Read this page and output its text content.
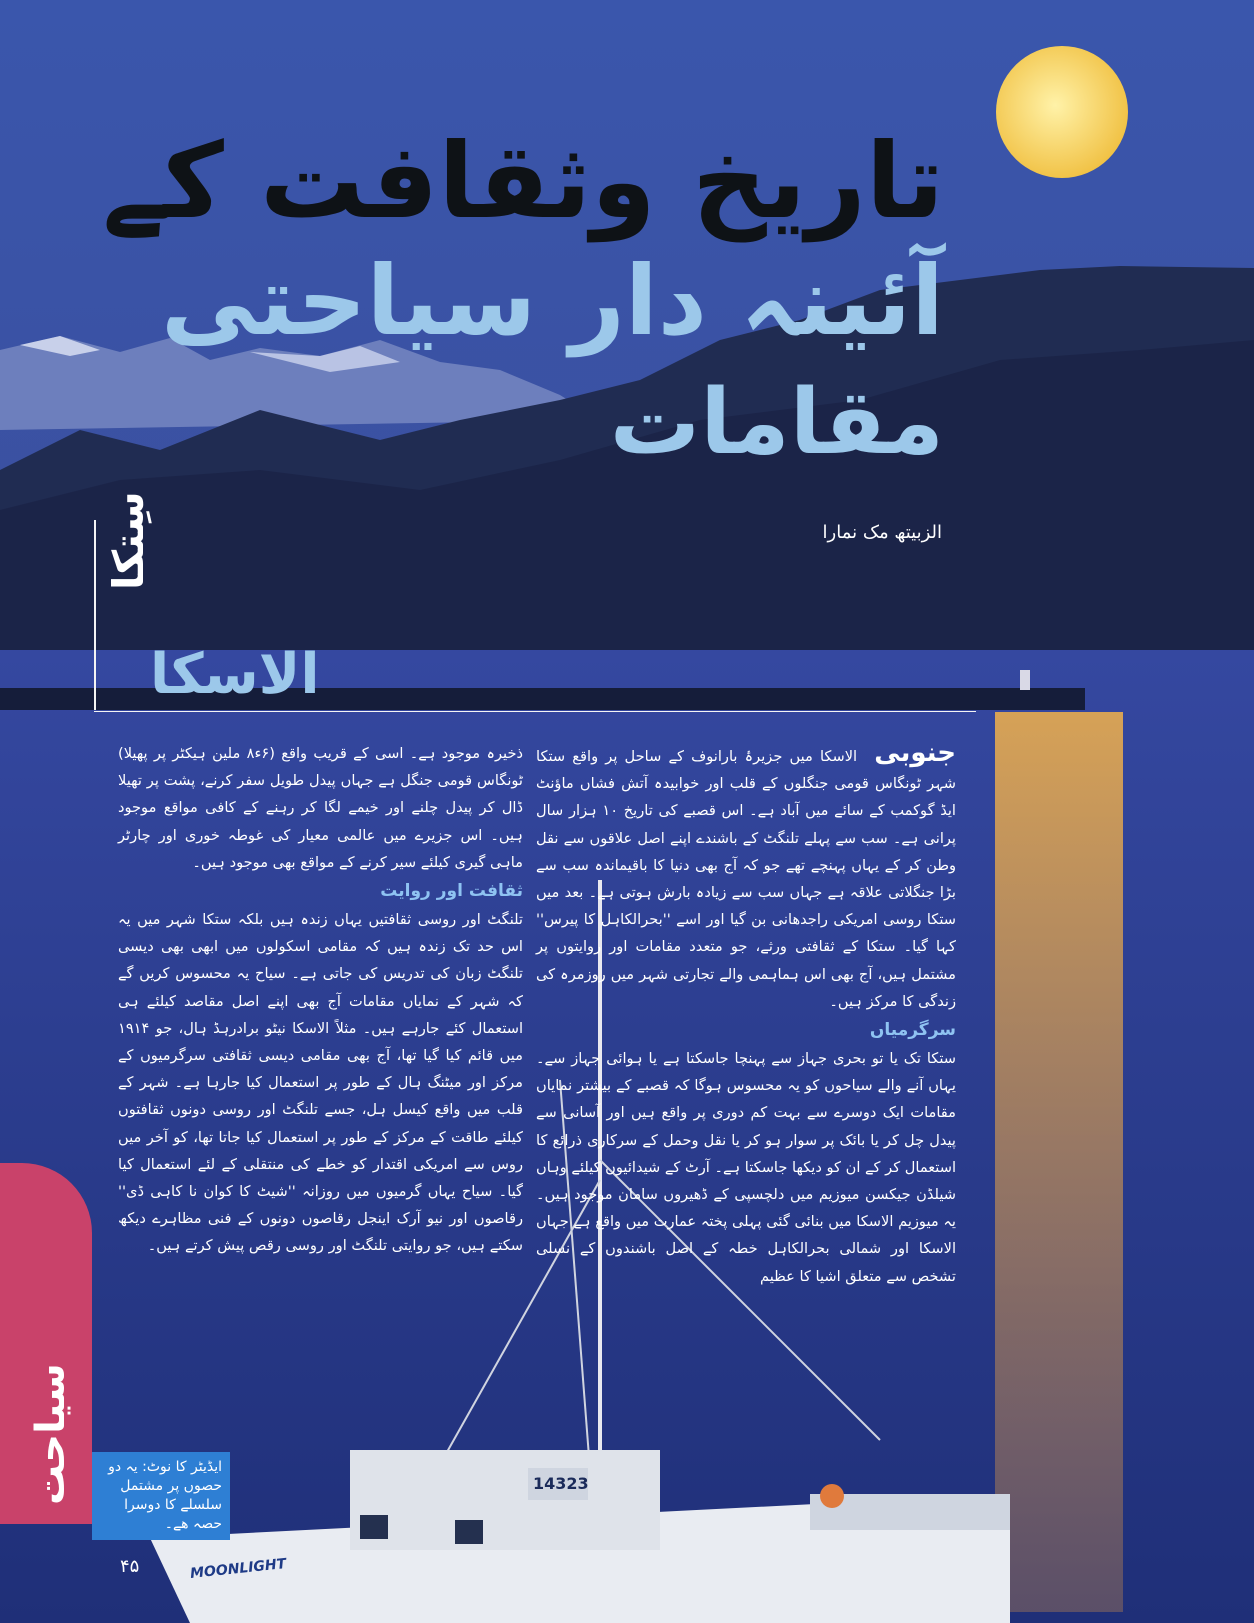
تاریخ وثقافت کے
آئینہ دار سیاحتی
مقامات
الزبیتھ مک نمارا
سِتکا
الاسکا

جنوبی الاسکا میں جزیرۂ بارانوف کے ساحل پر واقع ستکا شہر ٹونگاس قومی جنگلوں کے قلب اور خوابیدہ آتش فشاں ماؤنٹ ایڈ گوکمب کے سائے میں آباد ہے۔ اس قصبے کی تاریخ ۱۰ ہزار سال پرانی ہے۔ سب سے پہلے تلنگٹ کے باشندے اپنے اصل علاقوں سے نقل وطن کر کے یہاں پہنچے تھے جو کہ آج بھی دنیا کا باقیماندہ سب سے بڑا جنگلاتی علاقہ ہے جہاں سب سے زیادہ بارش ہوتی ہے۔ بعد میں ستکا روسی امریکی راجدھانی بن گیا اور اسے ''بحرالکاہل کا پیرس'' کہا گیا۔ ستکا کے ثقافتی ورثے، جو متعدد مقامات اور روایتوں پر مشتمل ہیں، آج بھی اس ہماہمی والے تجارتی شہر میں روزمرہ کی زندگی کا مرکز ہیں۔

سرگرمیاں

ستکا تک یا تو بحری جہاز سے پہنچا جاسکتا ہے یا ہوائی جہاز سے۔ یہاں آنے والے سیاحوں کو یہ محسوس ہوگا کہ قصبے کے بیشتر نمایاں مقامات ایک دوسرے سے بہت کم دوری پر واقع ہیں اور آسانی سے پیدل چل کر یا بائک پر سوار ہو کر یا نقل وحمل کے سرکاری ذرائع کا استعمال کر کے ان کو دیکھا جاسکتا ہے۔ آرٹ کے شیدائیوں کیلئے وہاں شیلڈن جیکسن میوزیم میں دلچسپی کے ڈھیروں سامان موجود ہیں۔ یہ میوزیم الاسکا میں بنائی گئی پہلی پختہ عمارت میں واقع ہے جہاں الاسکا اور شمالی بحرالکاہل خطہ کے اصل باشندوں کے نسلی تشخص سے متعلق اشیا کا عظیم

ذخیرہ موجود ہے۔ اسی کے قریب واقع (۶ء۸ ملین ہیکٹر پر پھیلا) ٹونگاس قومی جنگل ہے جہاں پیدل طویل سفر کرنے، پشت پر تھیلا ڈال کر پیدل چلنے اور خیمے لگا کر رہنے کے کافی مواقع موجود ہیں۔ اس جزیرے میں عالمی معیار کی غوطہ خوری اور چارٹر ماہی گیری کیلئے سیر کرنے کے مواقع بھی موجود ہیں۔

ثقافت اور روایت

تلنگٹ اور روسی ثقافتیں یہاں زندہ ہیں بلکہ ستکا شہر میں یہ اس حد تک زندہ ہیں کہ مقامی اسکولوں میں ابھی بھی دیسی تلنگٹ زبان کی تدریس کی جاتی ہے۔ سیاح یہ محسوس کریں گے کہ شہر کے نمایاں مقامات آج بھی اپنے اصل مقاصد کیلئے ہی استعمال کئے جارہے ہیں۔ مثلاً الاسکا نیٹو برادرہڈ ہال، جو ۱۹۱۴ میں قائم کیا گیا تھا، آج بھی مقامی دیسی ثقافتی سرگرمیوں کے مرکز اور میٹنگ ہال کے طور پر استعمال کیا جارہا ہے۔ شہر کے قلب میں واقع کیسل ہل، جسے تلنگٹ اور روسی دونوں ثقافتوں کیلئے طاقت کے مرکز کے طور پر استعمال کیا جاتا تھا، کو آخر میں روس سے امریکی اقتدار کو خطے کی منتقلی کے لئے استعمال کیا گیا۔ سیاح یہاں گرمیوں میں روزانہ ''شیٹ کا کوان نا کاہی ڈی'' رقاصوں اور نیو آرک اینجل رقاصوں دونوں کے فنی مظاہرے دیکھ سکتے ہیں، جو روایتی تلنگٹ اور روسی رقص پیش کرتے ہیں۔

سیاحت	ایڈیٹر کا نوٹ: یہ دو حصوں پر مشتمل سلسلے کا دوسرا حصہ ھے۔
۴۵
14323
MOONLIGHT
